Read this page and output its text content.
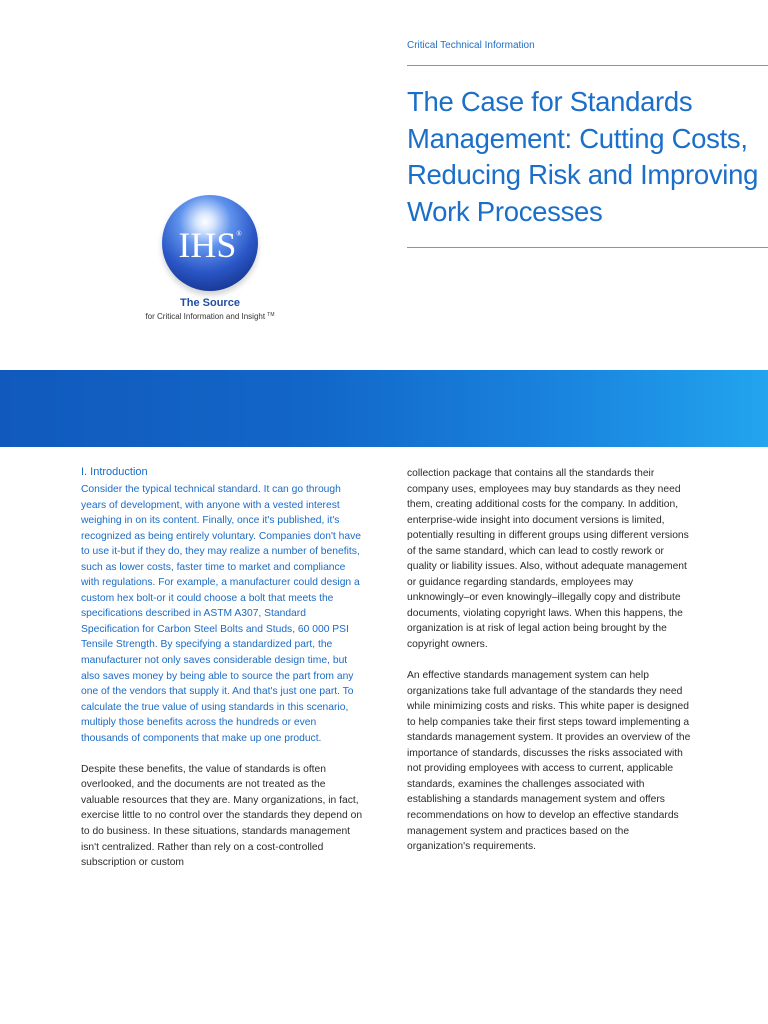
Critical Technical Information
The Case for Standards Management: Cutting Costs, Reducing Risk and Improving Work Processes
IHS®
The Source
for Critical Information and Insight ™
I. Introduction

Consider the typical technical standard. It can go through years of development, with anyone with a vested interest weighing in on its content. Finally, once it's published, it's recognized as being entirely voluntary. Companies don't have to use it-but if they do, they may realize a number of benefits, such as lower costs, faster time to market and compliance with regulations. For example, a manufacturer could design a custom hex bolt-or it could choose a bolt that meets the specifications described in ASTM A307, Standard Specification for Carbon Steel Bolts and Studs, 60 000 PSI Tensile Strength. By specifying a standardized part, the manufacturer not only saves considerable design time, but also saves money by being able to source the part from any one of the vendors that supply it. And that's just one part. To calculate the true value of using standards in this scenario, multiply those benefits across the hundreds or even thousands of components that make up one product.

Despite these benefits, the value of standards is often overlooked, and the documents are not treated as the valuable resources that they are. Many organizations, in fact, exercise little to no control over the standards they depend on to do business. In these situations, standards management isn't centralized. Rather than rely on a cost-controlled subscription or custom

collection package that contains all the standards their company uses, employees may buy standards as they need them, creating additional costs for the company. In addition, enterprise-wide insight into document versions is limited, potentially resulting in different groups using different versions of the same standard, which can lead to costly rework or quality or liability issues. Also, without adequate management or guidance regarding standards, employees may unknowingly–or even knowingly–illegally copy and distribute documents, violating copyright laws. When this happens, the organization is at risk of legal action being brought by the copyright owners.

An effective standards management system can help organizations take full advantage of the standards they need while minimizing costs and risks. This white paper is designed to help companies take their first steps toward implementing a standards management system. It provides an overview of the importance of standards, discusses the risks associated with not providing employees with access to current, applicable standards, examines the challenges associated with establishing a standards management system and offers recommendations on how to develop an effective standards management system and practices based on the organization's requirements.
